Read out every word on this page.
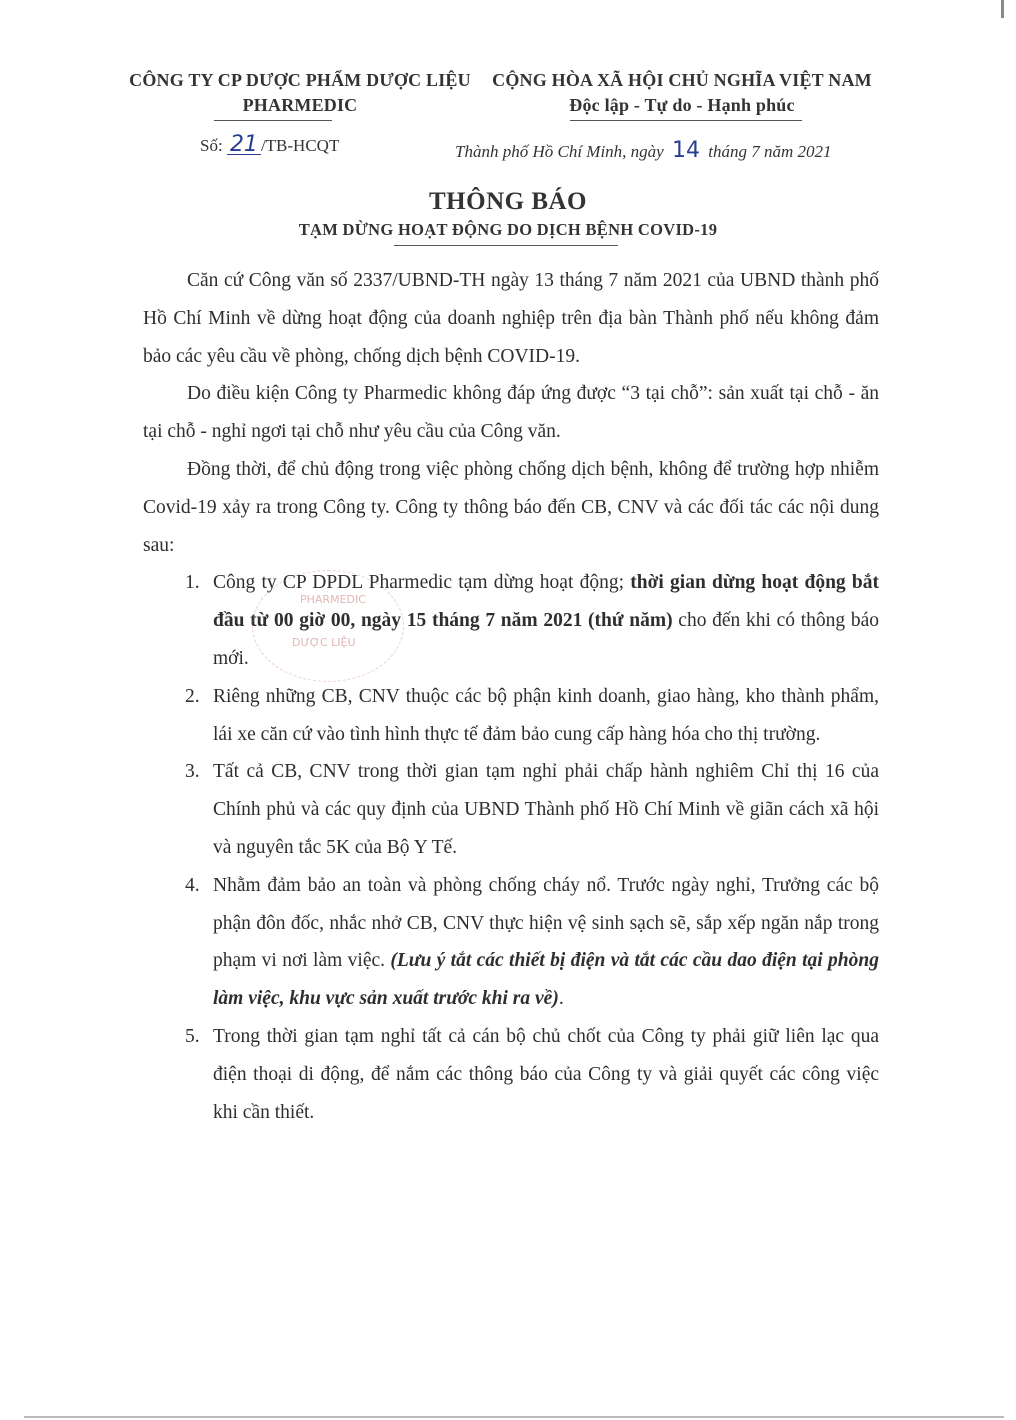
CÔNG TY CP DƯỢC PHẨM DƯỢC LIỆU
PHARMEDIC
CỘNG HÒA XÃ HỘI CHỦ NGHĨA VIỆT NAM
Độc lập - Tự do - Hạnh phúc
Số: 21 /TB-HCQT	Thành phố Hồ Chí Minh, ngày 14 tháng 7 năm 2021
THÔNG BÁO
TẠM DỪNG HOẠT ĐỘNG DO DỊCH BỆNH COVID-19

Căn cứ Công văn số 2337/UBND-TH ngày 13 tháng 7 năm 2021 của UBND thành phố Hồ Chí Minh về dừng hoạt động của doanh nghiệp trên địa bàn Thành phố nếu không đảm bảo các yêu cầu về phòng, chống dịch bệnh COVID-19.

Do điều kiện Công ty Pharmedic không đáp ứng được “3 tại chỗ”: sản xuất tại chỗ - ăn tại chỗ - nghỉ ngơi tại chỗ như yêu cầu của Công văn.

Đồng thời, để chủ động trong việc phòng chống dịch bệnh, không để trường hợp nhiễm Covid-19 xảy ra trong Công ty. Công ty thông báo đến CB, CNV và các đối tác các nội dung sau:

1. Công ty CP DPDL Pharmedic tạm dừng hoạt động; thời gian dừng hoạt động bắt đầu từ 00 giờ 00, ngày 15 tháng 7 năm 2021 (thứ năm) cho đến khi có thông báo mới.
2. Riêng những CB, CNV thuộc các bộ phận kinh doanh, giao hàng, kho thành phẩm, lái xe căn cứ vào tình hình thực tế đảm bảo cung cấp hàng hóa cho thị trường.
3. Tất cả CB, CNV trong thời gian tạm nghỉ phải chấp hành nghiêm Chỉ thị 16 của Chính phủ và các quy định của UBND Thành phố Hồ Chí Minh về giãn cách xã hội và nguyên tắc 5K của Bộ Y Tế.
4. Nhằm đảm bảo an toàn và phòng chống cháy nổ. Trước ngày nghỉ, Trưởng các bộ phận đôn đốc, nhắc nhở CB, CNV thực hiện vệ sinh sạch sẽ, sắp xếp ngăn nắp trong phạm vi nơi làm việc. (Lưu ý tắt các thiết bị điện và tắt các cầu dao điện tại phòng làm việc, khu vực sản xuất trước khi ra về).
5. Trong thời gian tạm nghỉ tất cả cán bộ chủ chốt của Công ty phải giữ liên lạc qua điện thoại di động, để nắm các thông báo của Công ty và giải quyết các công việc khi cần thiết.
PHARMEDIC
DƯỢC LIỆU
